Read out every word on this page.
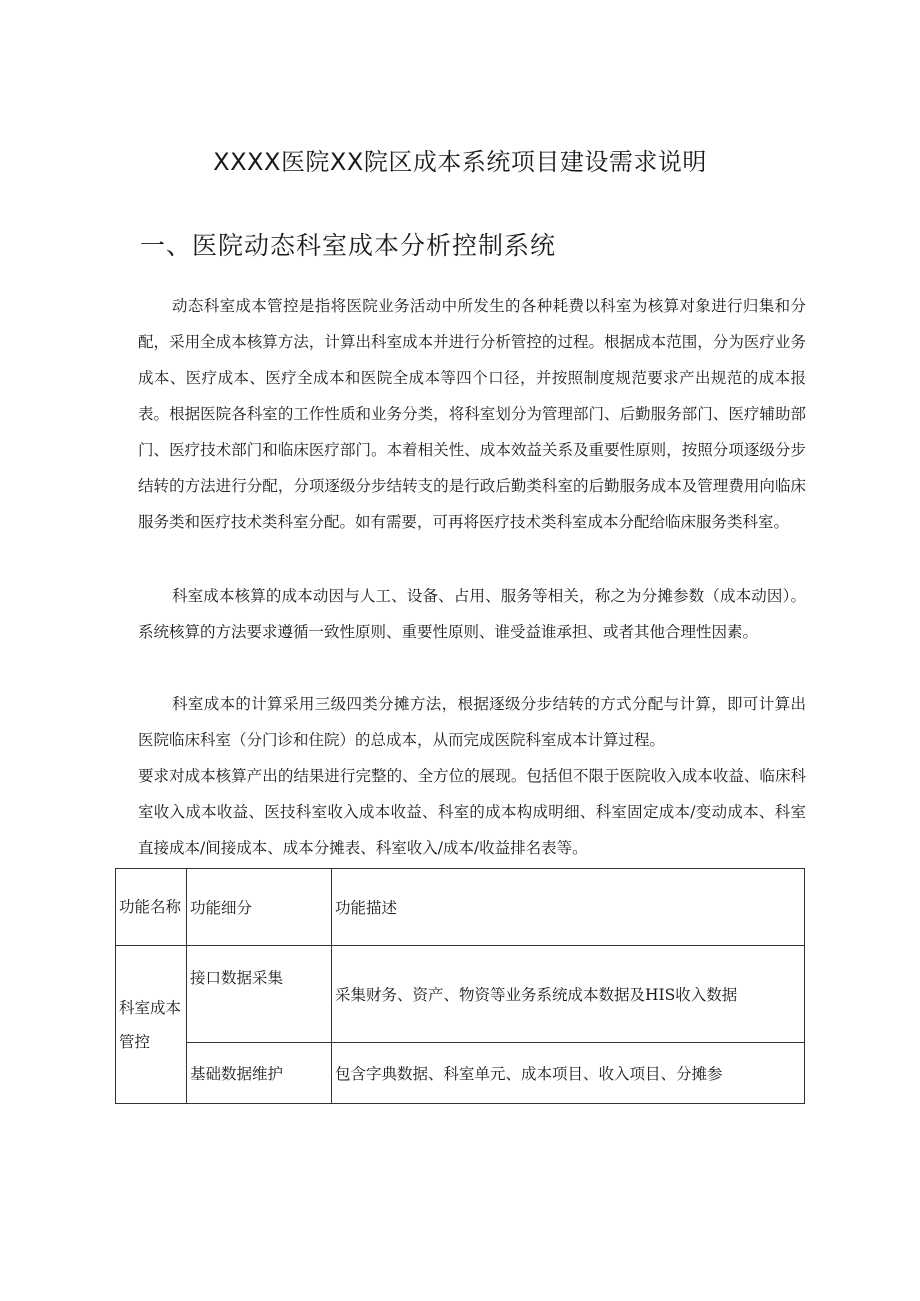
XXXX医院XX院区成本系统项目建设需求说明
一、医院动态科室成本分析控制系统
动态科室成本管控是指将医院业务活动中所发生的各种耗费以科室为核算对象进行归集和分配，采用全成本核算方法，计算出科室成本并进行分析管控的过程。根据成本范围，分为医疗业务成本、医疗成本、医疗全成本和医院全成本等四个口径，并按照制度规范要求产出规范的成本报表。根据医院各科室的工作性质和业务分类，将科室划分为管理部门、后勤服务部门、医疗辅助部门、医疗技术部门和临床医疗部门。本着相关性、成本效益关系及重要性原则，按照分项逐级分步结转的方法进行分配，分项逐级分步结转支的是行政后勤类科室的后勤服务成本及管理费用向临床服务类和医疗技术类科室分配。如有需要，可再将医疗技术类科室成本分配给临床服务类科室。
科室成本核算的成本动因与人工、设备、占用、服务等相关，称之为分摊参数（成本动因）。系统核算的方法要求遵循一致性原则、重要性原则、谁受益谁承担、或者其他合理性因素。
科室成本的计算采用三级四类分摊方法，根据逐级分步结转的方式分配与计算，即可计算出医院临床科室（分门诊和住院）的总成本，从而完成医院科室成本计算过程。
要求对成本核算产出的结果进行完整的、全方位的展现。包括但不限于医院收入成本收益、临床科室收入成本收益、医技科室收入成本收益、科室的成本构成明细、科室固定成本/变动成本、科室直接成本/间接成本、成本分摊表、科室收入/成本/收益排名表等。
功能名称	功能细分	功能描述
科室成本管控	接口数据采集	采集财务、资产、物资等业务系统成本数据及HIS收入数据
	基础数据维护	包含字典数据、科室单元、成本项目、收入项目、分摊参
